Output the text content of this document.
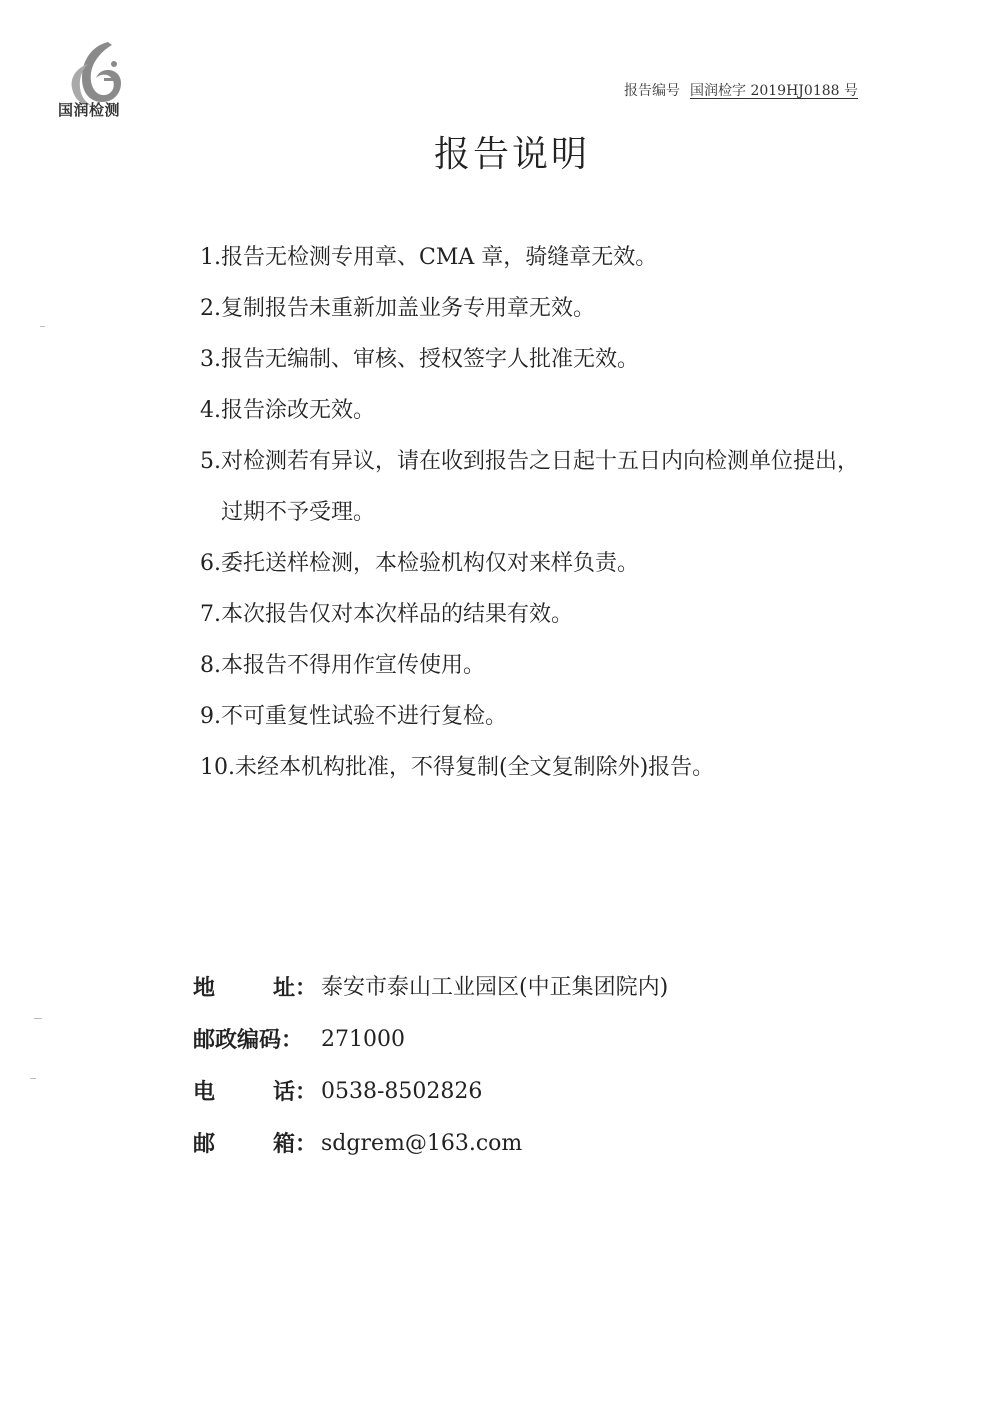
国润检测
报告编号 国润检字 2019HJ0188 号
报告说明
1. 报告无检测专用章、CMA 章，骑缝章无效。
2. 复制报告未重新加盖业务专用章无效。
3. 报告无编制、审核、授权签字人批准无效。
4. 报告涂改无效。
5. 对检测若有异议，请在收到报告之日起十五日内向检测单位提出，过期不予受理。
6. 委托送样检测，本检验机构仅对来样负责。
7. 本次报告仅对本次样品的结果有效。
8. 本报告不得用作宣传使用。
9. 不可重复性试验不进行复检。
10. 未经本机构批准，不得复制(全文复制除外)报告。
地	址： 泰安市泰山工业园区(中正集团院内)
邮政编码： 271000
电	话： 0538-8502826
邮	箱： sdgrem@163.com
